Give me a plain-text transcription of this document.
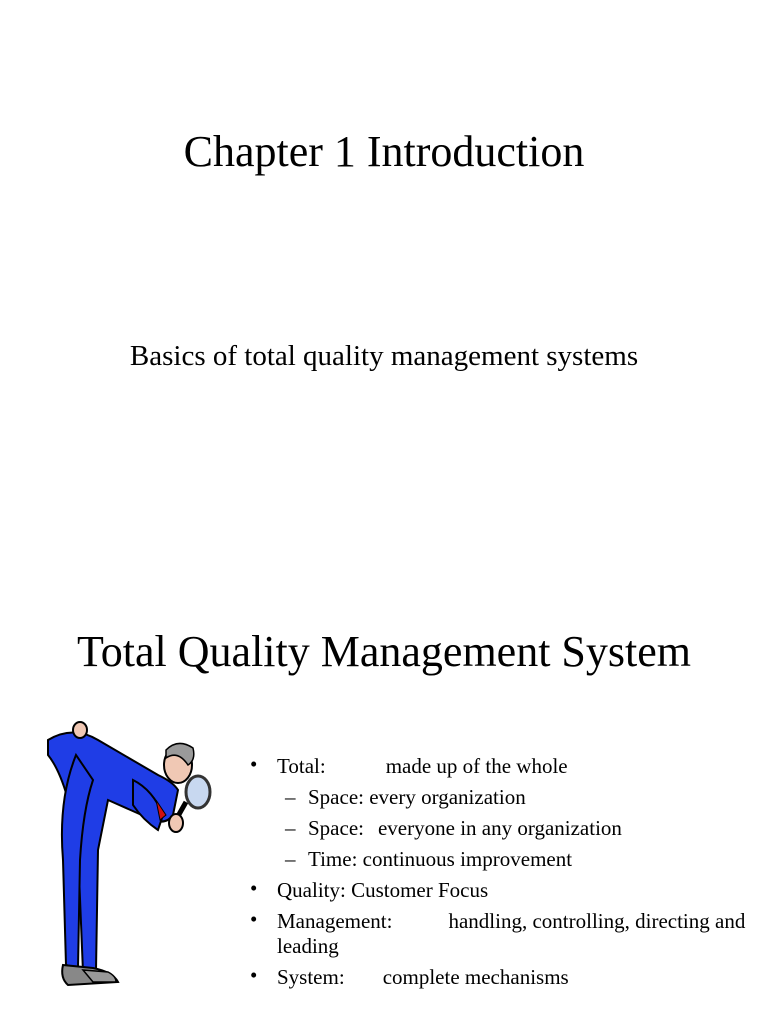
Chapter 1 Introduction

Basics of total quality management systems

Total Quality Management System
• Total:	made up of the whole
– Space: every organization
– Space: everyone in any organization
– Time: continuous improvement
• Quality: Customer Focus
• Management:	handling, controlling, directing and leading
• System: complete mechanisms
